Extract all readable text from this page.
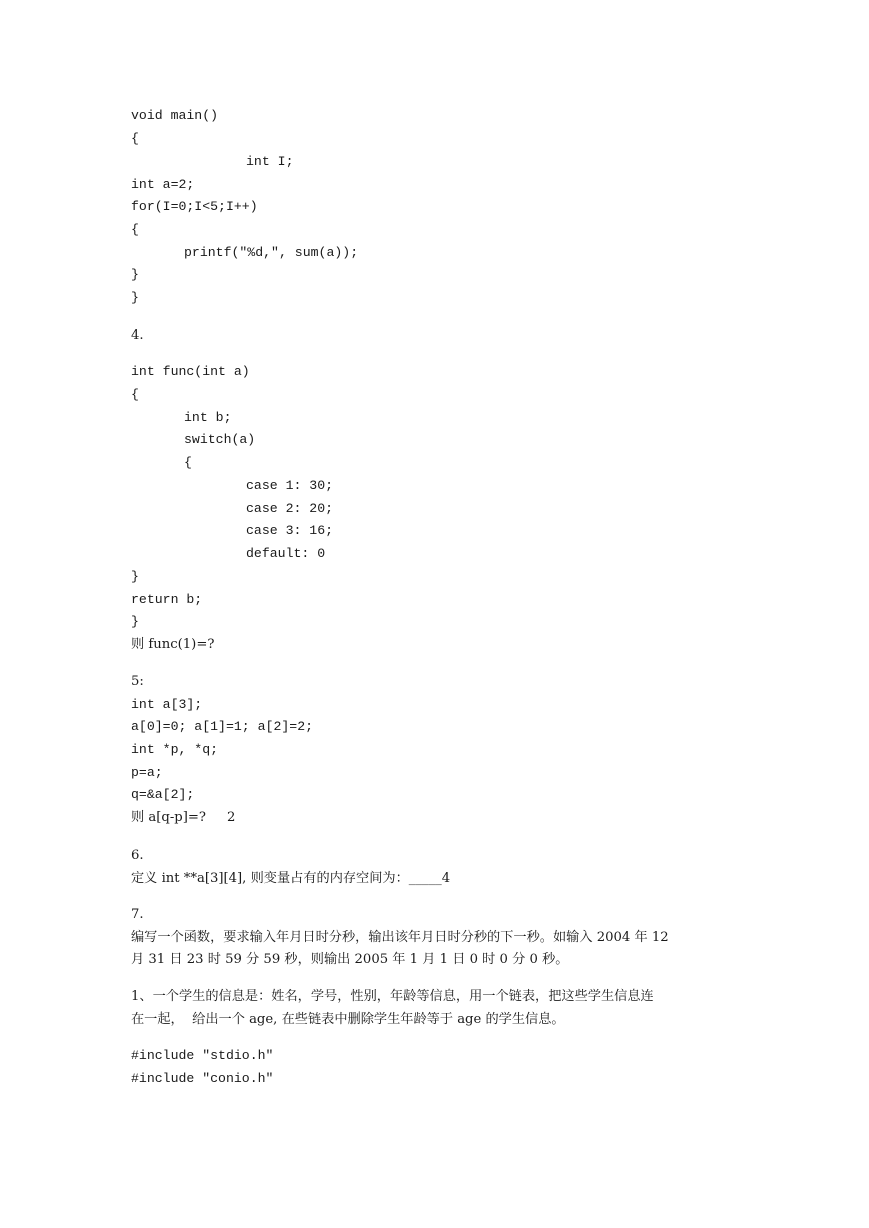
void main()
{
int I;
int a=2;
for(I=0;I<5;I++)
{
printf("%d,", sum(a));
}
}
4.
int func(int a)
{
int b;
switch(a)
{
case 1: 30;
case 2: 20;
case 3: 16;
default: 0
}
return b;
}
则 func(1)=?
5:
int a[3];
a[0]=0; a[1]=1; a[2]=2;
int *p, *q;
p=a;
q=&a[2];
则 a[q-p]=?     2
6.
定义 int **a[3][4], 则变量占有的内存空间为：_____4
7.
编写一个函数，要求输入年月日时分秒，输出该年月日时分秒的下一秒。如输入 2004 年 12
月 31 日 23 时 59 分 59 秒，则输出 2005 年 1 月 1 日 0 时 0 分 0 秒。
1、一个学生的信息是：姓名，学号，性别，年龄等信息，用一个链表，把这些学生信息连
在一起，  给出一个 age, 在些链表中删除学生年龄等于 age 的学生信息。
#include "stdio.h"
#include "conio.h"
